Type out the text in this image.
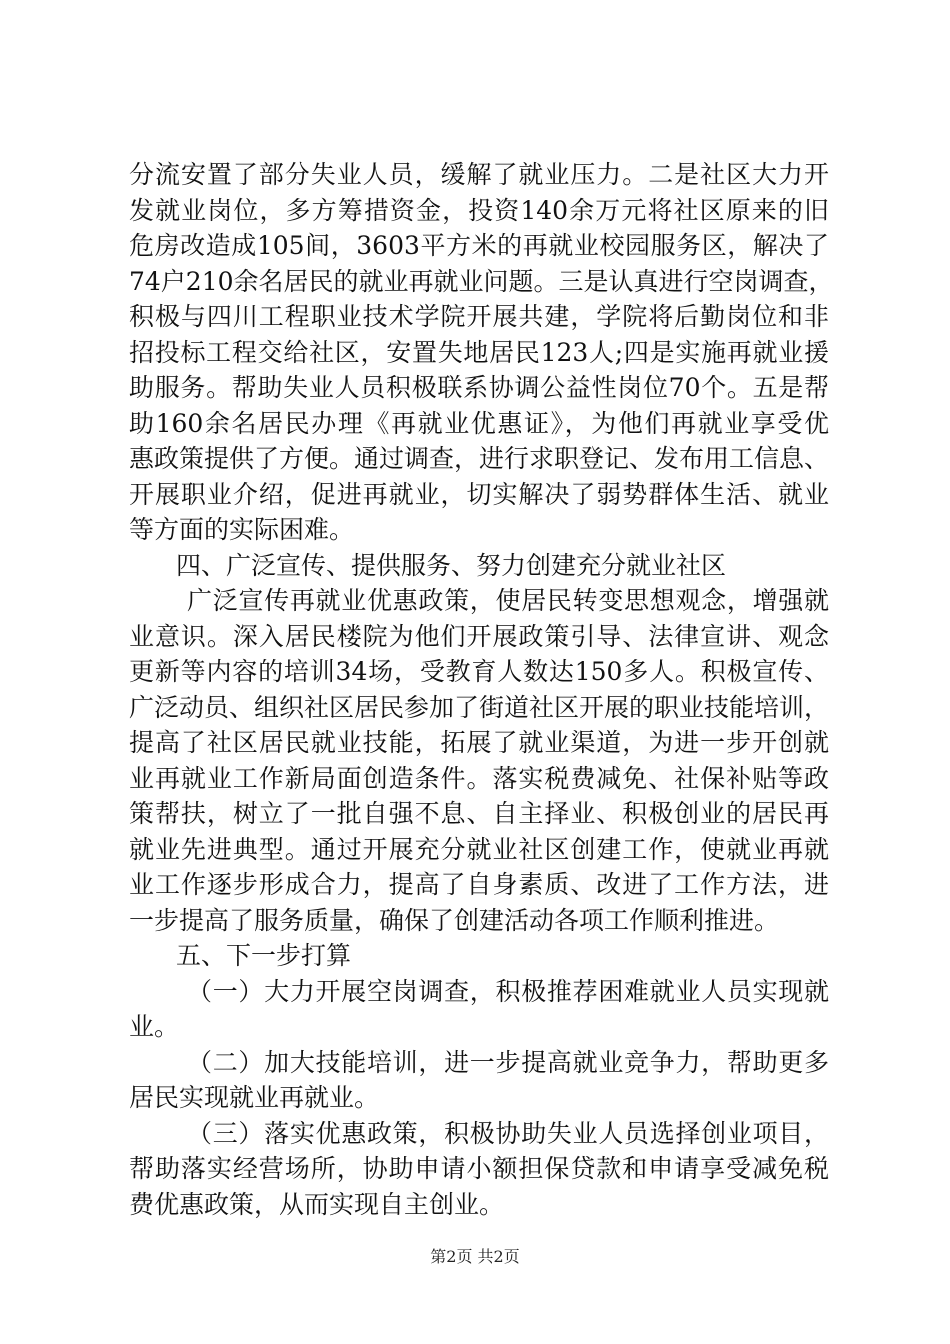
分流安置了部分失业人员，缓解了就业压力。二是社区大力开
发就业岗位，多方筹措资金，投资140余万元将社区原来的旧
危房改造成105间，3603平方米的再就业校园服务区，解决了
74户210余名居民的就业再就业问题。三是认真进行空岗调查，
积极与四川工程职业技术学院开展共建，学院将后勤岗位和非
招投标工程交给社区，安置失地居民123人;四是实施再就业援
助服务。帮助失业人员积极联系协调公益性岗位70个。五是帮
助160余名居民办理《再就业优惠证》，为他们再就业享受优
惠政策提供了方便。通过调查，进行求职登记、发布用工信息、
开展职业介绍，促进再就业，切实解决了弱势群体生活、就业
等方面的实际困难。
四、广泛宣传、提供服务、努力创建充分就业社区
广泛宣传再就业优惠政策，使居民转变思想观念，增强就
业意识。深入居民楼院为他们开展政策引导、法律宣讲、观念
更新等内容的培训34场，受教育人数达150多人。积极宣传、
广泛动员、组织社区居民参加了街道社区开展的职业技能培训，
提高了社区居民就业技能，拓展了就业渠道，为进一步开创就
业再就业工作新局面创造条件。落实税费减免、社保补贴等政
策帮扶，树立了一批自强不息、自主择业、积极创业的居民再
就业先进典型。通过开展充分就业社区创建工作，使就业再就
业工作逐步形成合力，提高了自身素质、改进了工作方法，进
一步提高了服务质量，确保了创建活动各项工作顺利推进。
五、下一步打算
（一）大力开展空岗调查，积极推荐困难就业人员实现就
业。
（二）加大技能培训，进一步提高就业竞争力，帮助更多
居民实现就业再就业。
（三）落实优惠政策，积极协助失业人员选择创业项目，
帮助落实经营场所，协助申请小额担保贷款和申请享受减免税
费优惠政策，从而实现自主创业。
第2页 共2页
